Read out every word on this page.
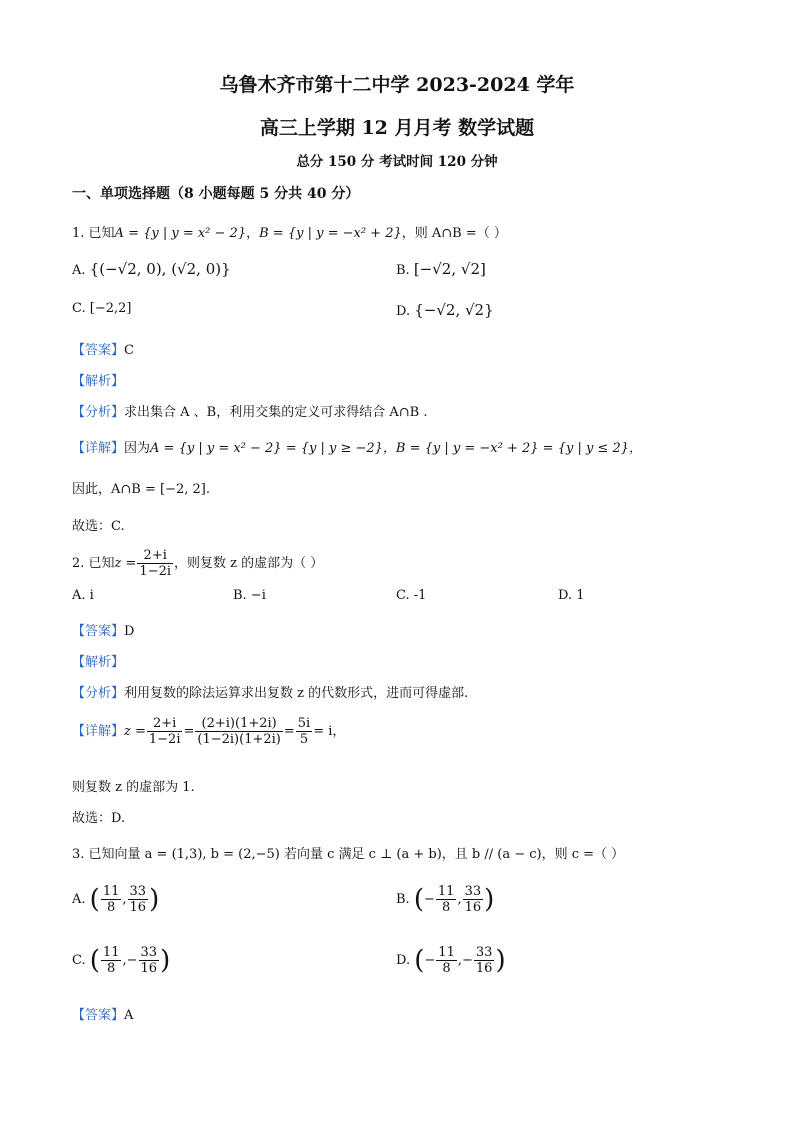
乌鲁木齐市第十二中学 2023-2024 学年
高三上学期 12 月月考 数学试题
总分 150 分 考试时间 120 分钟
一、单项选择题（8 小题每题 5 分共 40 分）
1. 已知A = {y | y = x² − 2}，B = {y | y = −x² + 2}，则 A∩B =（ ）
A. {(−√2, 0), (√2, 0)}	B. [−√2, √2]
C. [−2,2]	D. {−√2, √2}
【答案】C
【解析】
【分析】求出集合 A 、B，利用交集的定义可求得结合 A∩B .
【详解】因为A = {y | y = x² − 2} = {y | y ≥ −2}，B = {y | y = −x² + 2} = {y | y ≤ 2}，
因此，A∩B = [−2, 2].
故选：C.
2. 已知$z = \frac{2+i}{1-2i}$ ，则复数 z 的虚部为（ ）
A. i	B. −i	C. -1	D. 1
【答案】D
【解析】
【分析】利用复数的除法运算求出复数 z 的代数形式，进而可得虚部.
【详解】$z = \frac{2+i}{1-2i} = \frac{(2+i)(1+2i)}{(1-2i)(1+2i)} = \frac{5i}{5} = i$，
则复数 z 的虚部为 1.
故选：D.
3. 已知向量 a = (1,3), b = (2,−5) 若向量 c 满足 c ⊥ (a + b)，且 b // (a − c)，则 c =（ ）
A. ( $\frac{11}{8}$ , $\frac{33}{16}$ )	B. (− $\frac{11}{8}$ , $\frac{33}{16}$ )
C. ( $\frac{11}{8}$ ,− $\frac{33}{16}$ )	D. (− $\frac{11}{8}$ ,− $\frac{33}{16}$ )
【答案】A
